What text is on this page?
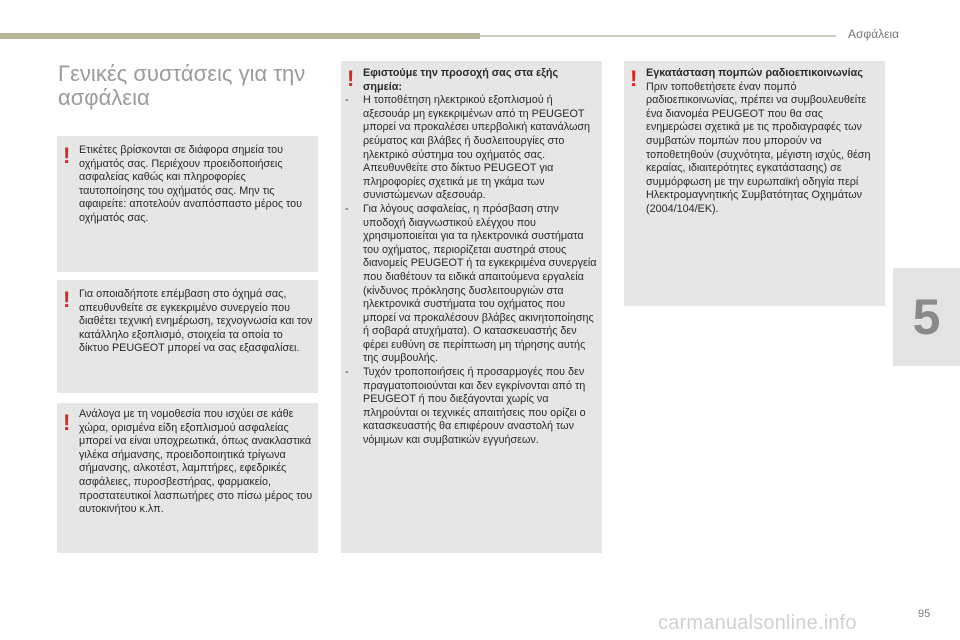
Ασφάλεια
5
Γενικές συστάσεις για την ασφάλεια
! Ετικέτες βρίσκονται σε διάφορα σημεία του οχήματός σας. Περιέχουν προειδοποιήσεις ασφαλείας καθώς και πληροφορίες ταυτοποίησης του οχήματός σας. Μην τις αφαιρείτε: αποτελούν αναπόσπαστο μέρος του οχήματός σας.

! Για οποιαδήποτε επέμβαση στο όχημά σας, απευθυνθείτε σε εγκεκριμένο συνεργείο που διαθέτει τεχνική ενημέρωση, τεχνογνωσία και τον κατάλληλο εξοπλισμό, στοιχεία τα οποία το δίκτυο PEUGEOT μπορεί να σας εξασφαλίσει.

! Ανάλογα με τη νομοθεσία που ισχύει σε κάθε χώρα, ορισμένα είδη εξοπλισμού ασφαλείας μπορεί να είναι υποχρεωτικά, όπως ανακλαστικά γιλέκα σήμανσης, προειδοποιητικά τρίγωνα σήμανσης, αλκοτέστ, λαμπτήρες, εφεδρικές ασφάλειες, πυροσβεστήρας, φαρμακείο, προστατευτικοί λασπωτήρες στο πίσω μέρος του αυτοκινήτου κ.λπ.

! Εφιστούμε την προσοχή σας στα εξής σημεία:

- Η τοποθέτηση ηλεκτρικού εξοπλισμού ή αξεσουάρ μη εγκεκριμένων από τη PEUGEOT μπορεί να προκαλέσει υπερβολική κατανάλωση ρεύματος και βλάβες ή δυσλειτουργίες στο ηλεκτρικό σύστημα του οχήματός σας. Απευθυνθείτε στο δίκτυο PEUGEOT για πληροφορίες σχετικά με τη γκάμα των συνιστώμενων αξεσουάρ.
- Για λόγους ασφαλείας, η πρόσβαση στην υποδοχή διαγνωστικού ελέγχου που χρησιμοποιείται για τα ηλεκτρονικά συστήματα του οχήματος, περιορίζεται αυστηρά στους διανομείς PEUGEOT ή τα εγκεκριμένα συνεργεία που διαθέτουν τα ειδικά απαιτούμενα εργαλεία (κίνδυνος πρόκλησης δυσλειτουργιών στα ηλεκτρονικά συστήματα του οχήματος που μπορεί να προκαλέσουν βλάβες ακινητοποίησης ή σοβαρά ατυχήματα). Ο κατασκευαστής δεν φέρει ευθύνη σε περίπτωση μη τήρησης αυτής της συμβουλής.
- Τυχόν τροποποιήσεις ή προσαρμογές που δεν πραγματοποιούνται και δεν εγκρίνονται από τη PEUGEOT ή που διεξάγονται χωρίς να πληρούνται οι τεχνικές απαιτήσεις που ορίζει ο κατασκευαστής θα επιφέρουν αναστολή των νόμιμων και συμβατικών εγγυήσεων.
! Εγκατάσταση πομπών ραδιοεπικοινωνίας

Πριν τοποθετήσετε έναν πομπό ραδιοεπικοινωνίας, πρέπει να συμβουλευθείτε ένα διανομέα PEUGEOT που θα σας ενημερώσει σχετικά με τις προδιαγραφές των συμβατών πομπών που μπορούν να τοποθετηθούν (συχνότητα, μέγιστη ισχύς, θέση κεραίας, ιδιαιτερότητες εγκατάστασης) σε συμμόρφωση με την ευρωπαϊκή οδηγία περί Ηλεκτρομαγνητικής Συμβατότητας Οχημάτων (2004/104/ΕΚ).

95
carmanualsonline.info
